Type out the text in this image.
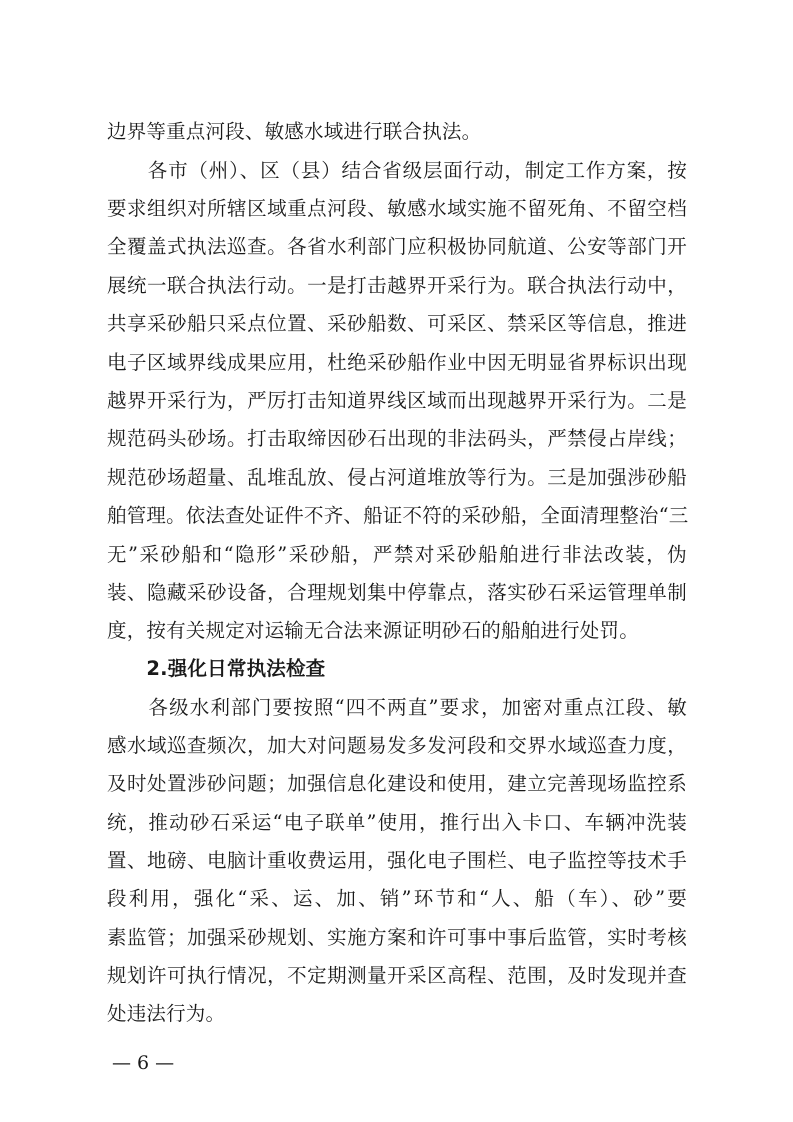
边界等重点河段、敏感水域进行联合执法。
　　各市（州）、区（县）结合省级层面行动，制定工作方案，按
要求组织对所辖区域重点河段、敏感水域实施不留死角、不留空档
全覆盖式执法巡查。各省水利部门应积极协同航道、公安等部门开
展统一联合执法行动。一是打击越界开采行为。联合执法行动中，
共享采砂船只采点位置、采砂船数、可采区、禁采区等信息，推进
电子区域界线成果应用，杜绝采砂船作业中因无明显省界标识出现
越界开采行为，严厉打击知道界线区域而出现越界开采行为。二是
规范码头砂场。打击取缔因砂石出现的非法码头，严禁侵占岸线；
规范砂场超量、乱堆乱放、侵占河道堆放等行为。三是加强涉砂船
舶管理。依法查处证件不齐、船证不符的采砂船，全面清理整治“三
无”采砂船和“隐形”采砂船，严禁对采砂船舶进行非法改装，伪
装、隐藏采砂设备，合理规划集中停靠点，落实砂石采运管理单制
度，按有关规定对运输无合法来源证明砂石的船舶进行处罚。
　　2.强化日常执法检查
　　各级水利部门要按照“四不两直”要求，加密对重点江段、敏
感水域巡查频次，加大对问题易发多发河段和交界水域巡查力度，
及时处置涉砂问题；加强信息化建设和使用，建立完善现场监控系
统，推动砂石采运“电子联单”使用，推行出入卡口、车辆冲洗装
置、地磅、电脑计重收费运用，强化电子围栏、电子监控等技术手
段利用，强化“采、运、加、销”环节和“人、船（车）、砂”要
素监管；加强采砂规划、实施方案和许可事中事后监管，实时考核
规划许可执行情况，不定期测量开采区高程、范围，及时发现并查
处违法行为。
— 6 —
